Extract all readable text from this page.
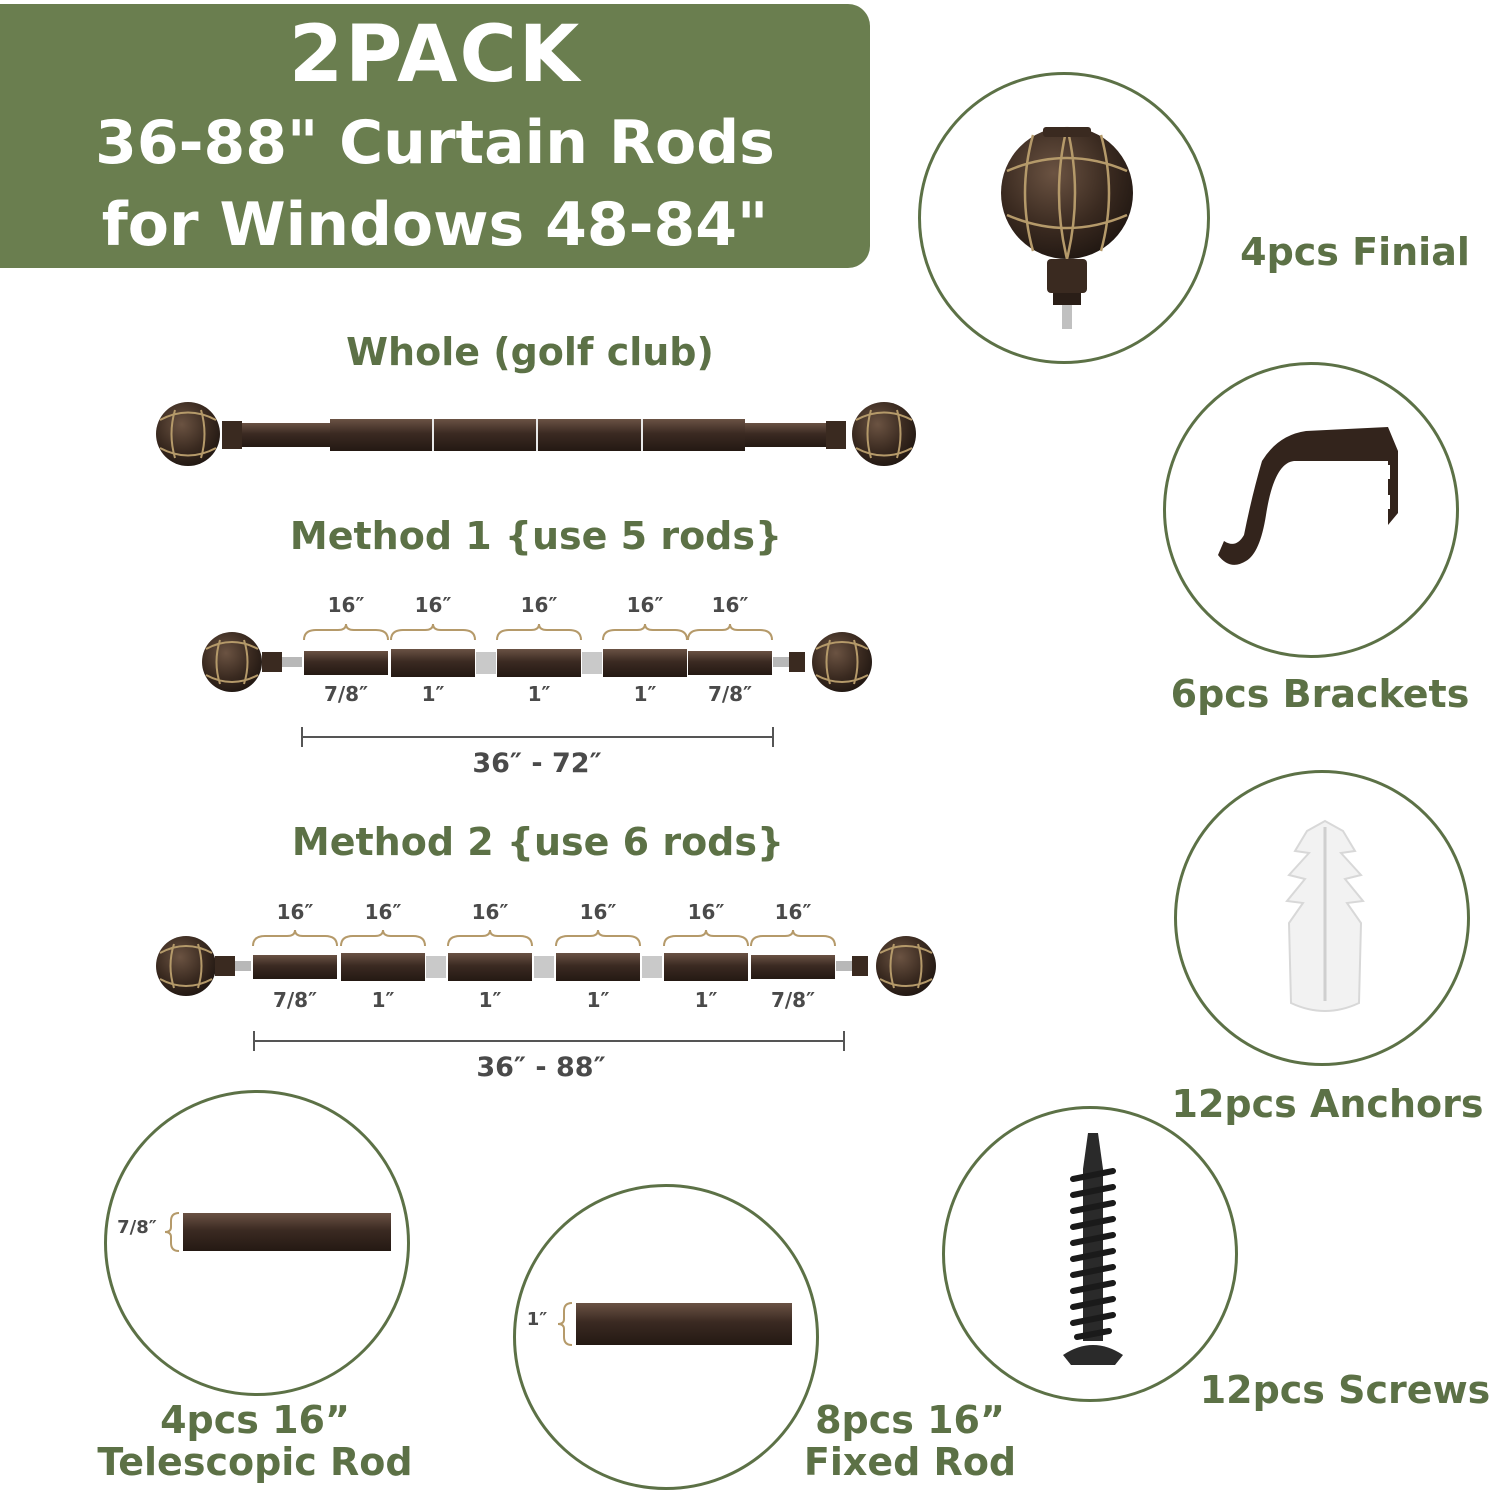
2PACK
36-88" Curtain Rods
for Windows 48-84"
Whole (golf club)
Method 1 {use 5 rods}
16″	16″	16″	16″	16″
7/8″	1″	1″	1″	7/8″
36″ - 72″
Method 2 {use 6 rods}
16″	16″	16″	16″	16″	16″
7/8″	1″	1″	1″	1″	7/8″
36″ - 88″
4pcs Finial
6pcs Brackets
12pcs Anchors
12pcs Screws
7/8″
4pcs 16”
Telescopic Rod
1″
8pcs 16”
Fixed Rod
